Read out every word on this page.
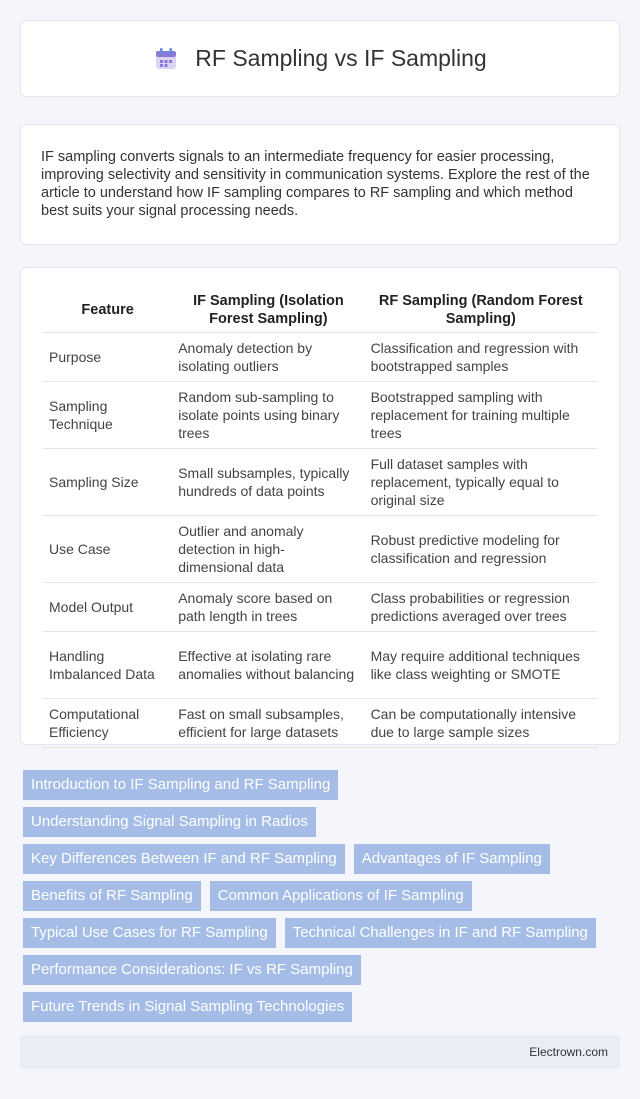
RF Sampling vs IF Sampling

IF sampling converts signals to an intermediate frequency for easier processing, improving selectivity and sensitivity in communication systems. Explore the rest of the article to understand how IF sampling compares to RF sampling and which method best suits your signal processing needs.

Feature	IF Sampling (Isolation Forest Sampling)	RF Sampling (Random Forest Sampling)
Purpose	Anomaly detection by isolating outliers	Classification and regression with bootstrapped samples
Sampling Technique	Random sub-sampling to isolate points using binary trees	Bootstrapped sampling with replacement for training multiple trees
Sampling Size	Small subsamples, typically hundreds of data points	Full dataset samples with replacement, typically equal to original size
Use Case	Outlier and anomaly detection in high-dimensional data	Robust predictive modeling for classification and regression
Model Output	Anomaly score based on path length in trees	Class probabilities or regression predictions averaged over trees
Handling Imbalanced Data	Effective at isolating rare anomalies without balancing	May require additional techniques like class weighting or SMOTE
Computational Efficiency	Fast on small subsamples, efficient for large datasets	Can be computationally intensive due to large sample sizes
Introduction to IF Sampling and RF Sampling
Understanding Signal Sampling in Radios
Key Differences Between IF and RF Sampling	Advantages of IF Sampling
Benefits of RF Sampling	Common Applications of IF Sampling
Typical Use Cases for RF Sampling	Technical Challenges in IF and RF Sampling
Performance Considerations: IF vs RF Sampling
Future Trends in Signal Sampling Technologies
Electrown.com
